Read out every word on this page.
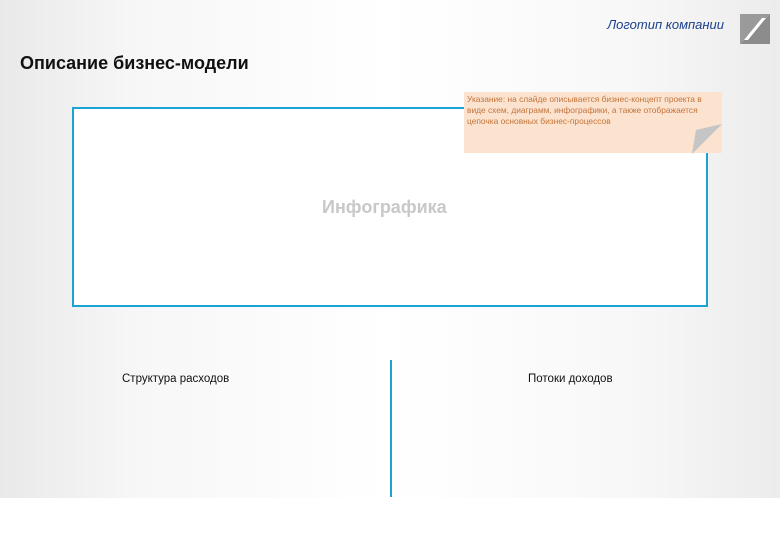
Логотип компании
Описание бизнес-модели
Инфографика
Указание: на слайде описывается бизнес-концепт проекта в виде схем, диаграмм, инфографики, а также отображается цепочка основных бизнес-процессов
Структура расходов	Потоки доходов
